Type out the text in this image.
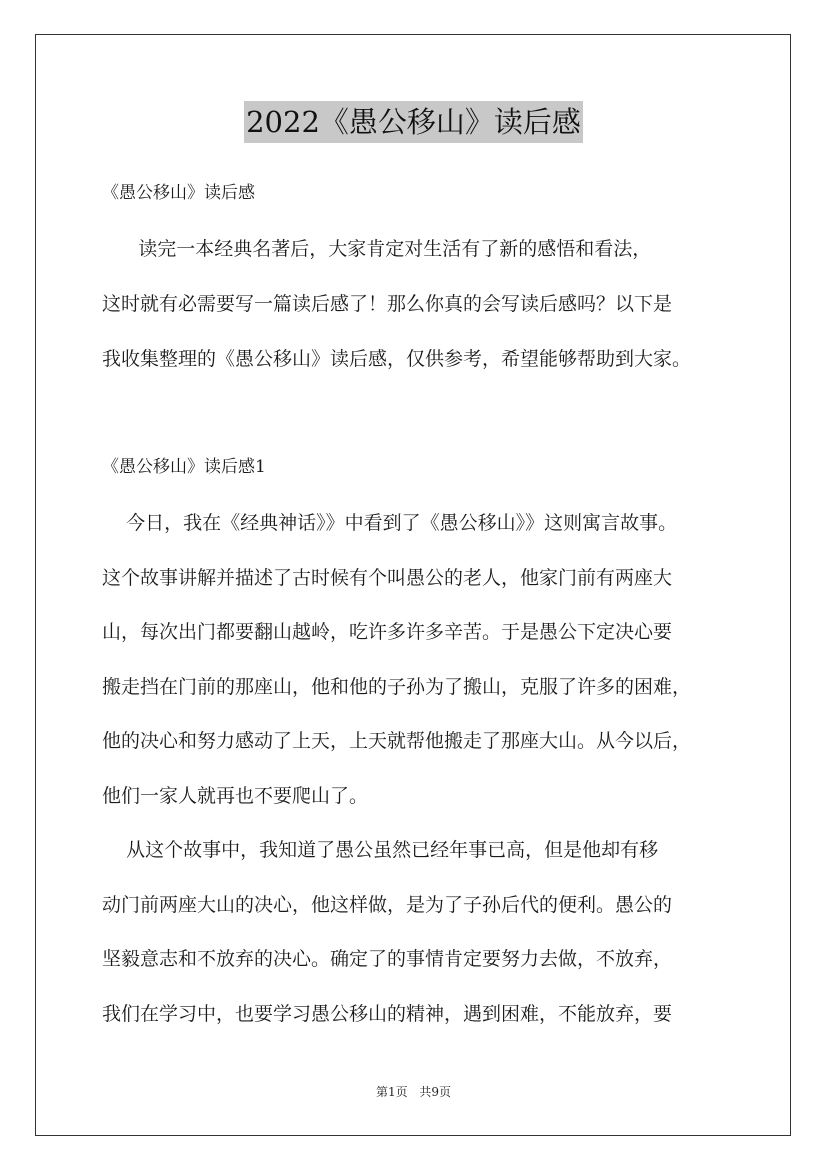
2022《愚公移山》读后感
《愚公移山》读后感
读完一本经典名著后，大家肯定对生活有了新的感悟和看法，
这时就有必需要写一篇读后感了！那么你真的会写读后感吗？以下是
我收集整理的《愚公移山》读后感，仅供参考，希望能够帮助到大家。
《愚公移山》读后感1
今日，我在《经典神话》》中看到了《愚公移山》》这则寓言故事。
这个故事讲解并描述了古时候有个叫愚公的老人，他家门前有两座大
山，每次出门都要翻山越岭，吃许多许多辛苦。于是愚公下定决心要
搬走挡在门前的那座山，他和他的子孙为了搬山，克服了许多的困难，
他的决心和努力感动了上天，上天就帮他搬走了那座大山。从今以后，
他们一家人就再也不要爬山了。
从这个故事中，我知道了愚公虽然已经年事已高，但是他却有移
动门前两座大山的决心，他这样做，是为了子孙后代的便利。愚公的
坚毅意志和不放弃的决心。确定了的事情肯定要努力去做，不放弃，
我们在学习中，也要学习愚公移山的精神，遇到困难，不能放弃，要
第1页 共9页
